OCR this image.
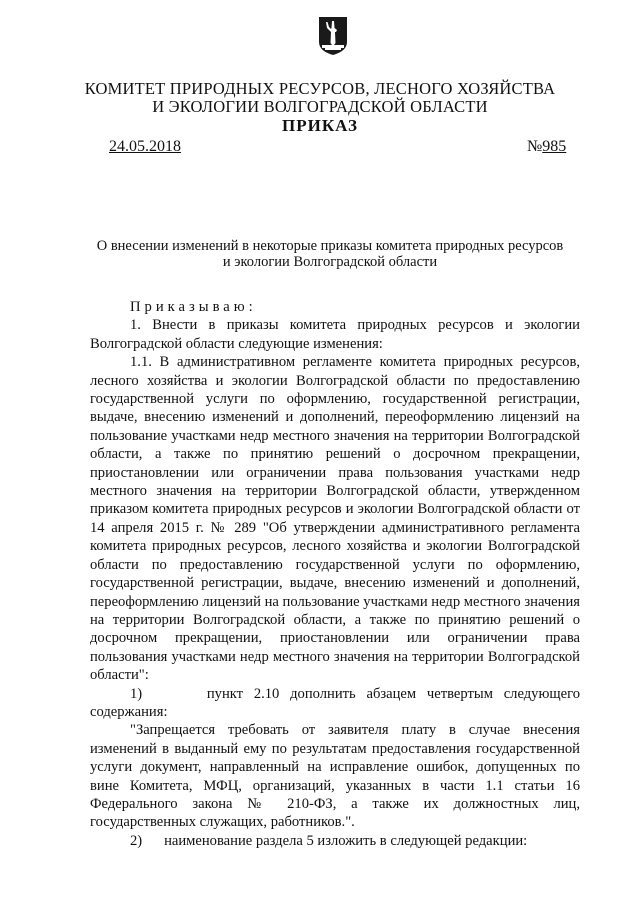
КОМИТЕТ ПРИРОДНЫХ РЕСУРСОВ, ЛЕСНОГО ХОЗЯЙСТВА
И ЭКОЛОГИИ ВОЛГОГРАДСКОЙ ОБЛАСТИ
ПРИКАЗ
24.05.2018	№985
О внесении изменений в некоторые приказы комитета природных ресурсов
и экологии Волгоградской области

Приказываю:

1. Внести в приказы комитета природных ресурсов и экологии Волгоградской области следующие изменения:

1.1. В административном регламенте комитета природных ресурсов, лесного хозяйства и экологии Волгоградской области по предоставлению государственной услуги по оформлению, государственной регистрации, выдаче, внесению изменений и дополнений, переоформлению лицензий на пользование участками недр местного значения на территории Волгоградской области, а также по принятию решений о досрочном прекращении, приостановлении или ограничении права пользования участками недр местного значения на территории Волгоградской области, утвержденном приказом комитета природных ресурсов и экологии Волгоградской области от 14 апреля 2015 г. № 289 "Об утверждении административного регламента комитета природных ресурсов, лесного хозяйства и экологии Волгоградской области по предоставлению государственной услуги по оформлению, государственной регистрации, выдаче, внесению изменений и дополнений, переоформлению лицензий на пользование участками недр местного значения на территории Волгоградской области, а также по принятию решений о досрочном прекращении, приостановлении или ограничении права пользования участками недр местного значения на территории Волгоградской области":

1)	пункт 2.10 дополнить абзацем четвертым следующего содержания:

"Запрещается требовать от заявителя плату в случае внесения изменений в выданный ему по результатам предоставления государственной услуги документ, направленный на исправление ошибок, допущенных по вине Комитета, МФЦ, организаций, указанных в части 1.1 статьи 16 Федерального закона № 210-ФЗ, а также их должностных лиц, государственных служащих, работников.".

2) наименование раздела 5 изложить в следующей редакции:
